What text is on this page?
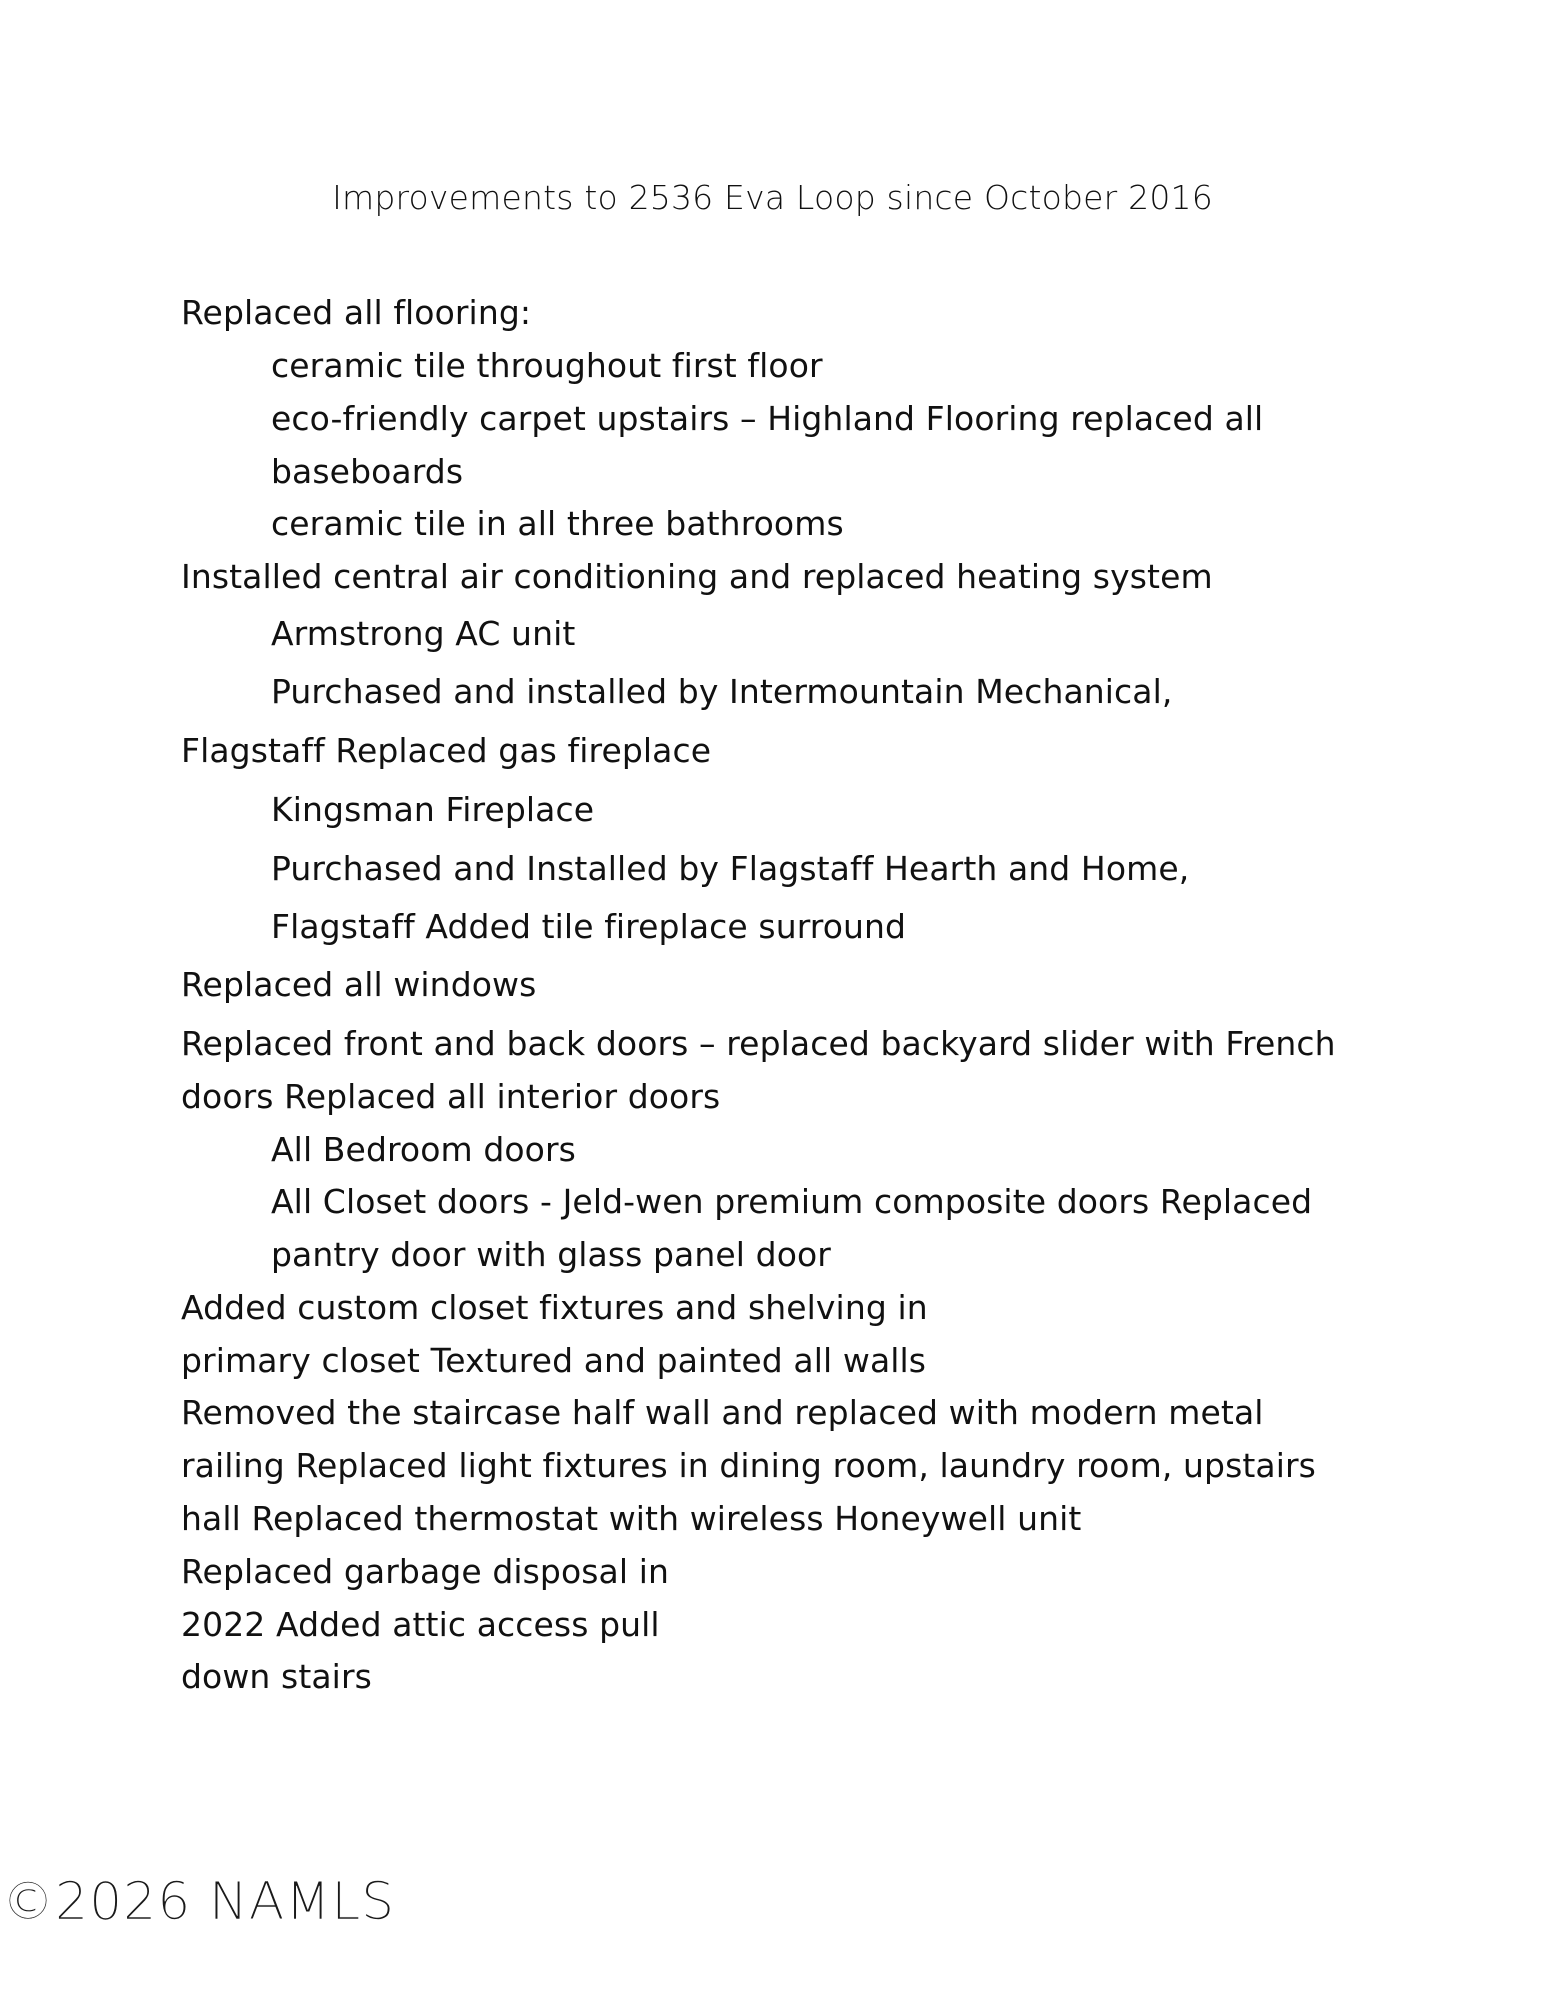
Improvements to 2536 Eva Loop since October 2016
Replaced all flooring:
ceramic tile throughout first floor
eco-friendly carpet upstairs – Highland Flooring replaced all
baseboards
ceramic tile in all three bathrooms
Installed central air conditioning and replaced heating system
Armstrong AC unit
Purchased and installed by Intermountain Mechanical,
Flagstaff Replaced gas fireplace
Kingsman Fireplace
Purchased and Installed by Flagstaff Hearth and Home,
Flagstaff Added tile fireplace surround
Replaced all windows
Replaced front and back doors – replaced backyard slider with French
doors Replaced all interior doors
All Bedroom doors
All Closet doors - Jeld-wen premium composite doors Replaced
pantry door with glass panel door
Added custom closet fixtures and shelving in
primary closet Textured and painted all walls
Removed the staircase half wall and replaced with modern metal
railing Replaced light fixtures in dining room, laundry room, upstairs
hall Replaced thermostat with wireless Honeywell unit
Replaced garbage disposal in
2022 Added attic access pull
down stairs
©2026 NAMLS
